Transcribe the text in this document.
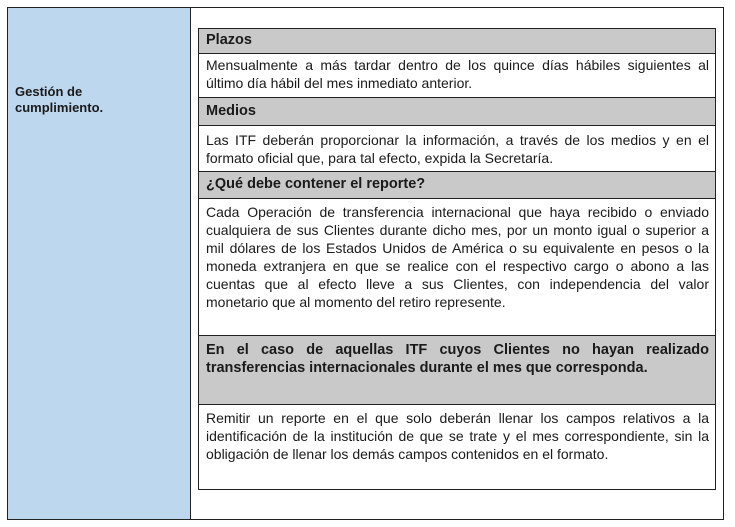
Gestión de cumplimiento.
Plazos
Mensualmente a más tardar dentro de los quince días hábiles siguientes al último día hábil del mes inmediato anterior.
Medios
Las ITF deberán proporcionar la información, a través de los medios y en el formato oficial que, para tal efecto, expida la Secretaría.
¿Qué debe contener el reporte?
Cada Operación de transferencia internacional que haya recibido o enviado cualquiera de sus Clientes durante dicho mes, por un monto igual o superior a mil dólares de los Estados Unidos de América o su equivalente en pesos o la moneda extranjera en que se realice con el respectivo cargo o abono a las cuentas que al efecto lleve a sus Clientes, con independencia del valor monetario que al momento del retiro represente.
En el caso de aquellas ITF cuyos Clientes no hayan realizado transferencias internacionales durante el mes que corresponda.
Remitir un reporte en el que solo deberán llenar los campos relativos a la identificación de la institución de que se trate y el mes correspondiente, sin la obligación de llenar los demás campos contenidos en el formato.
